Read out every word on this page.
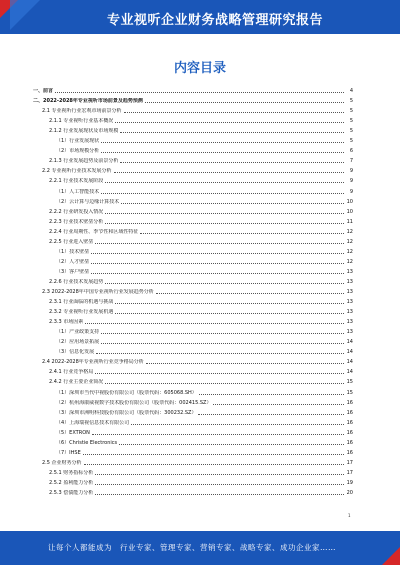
专业视听企业财务战略管理研究报告
内容目录
一、前言	4
二、2022-2028年专业视听市场前景及趋势预测	5
2.1 专业视听行业宏观市场前景分析	5
2.1.1 专业视听行业基本概况	5
2.1.2 行业发展现状及市场规模	5
（1）行业发展现状	5
（2）市场规模分析	6
2.1.3 行业发展趋势及前景分析	7
2.2 专业视听行业技术发展分析	9
2.2.1 行业技术发展阶段	9
（1）人工智能技术	9
（2）云计算与边缘计算技术	10
2.2.2 行业研发投入情况	10
2.2.3 行业技术壁垒分析	11
2.2.4 行业周期性、季节性和区域性特征	12
2.2.5 行业进入壁垒	12
（1）技术壁垒	12
（2）人才壁垒	12
（3）客户壁垒	13
2.2.6 行业技术发展趋势	13
2.3 2022-2028年中国专业视听行业发展趋势分析	13
2.3.1 行业面临的机遇与挑战	13
2.3.2 专业视听行业发展机遇	13
2.3.3 市场因素	13
（1）产业政策支持	13
（2）应用场景拓展	14
（3）信息化发展	14
2.4 2022-2028年专业视听行业竞争格局分析	14
2.4.1 行业竞争格局	14
2.4.2 行业主要企业简况	15
（1）深圳市当代中视股份有限公司（股票代码：605068.SH）	15
（2）杭州海康威视数字技术股份有限公司（股票代码：002415.SZ）	16
（3）深圳市洲明科技股份有限公司（股票代码：300232.SZ）	16
（4）上海瑞视信息技术有限公司	16
（5）EXTRON	16
（6）Christie Electronics	16
（7）IHSE	16
2.5 企业财务分析	17
2.5.1 财务指标分析	17
2.5.2 盈利能力分析	19
2.5.3 偿债能力分析	20
1
让每个人都能成为　行业专家、管理专家、营销专家、战略专家、成功企业家……
